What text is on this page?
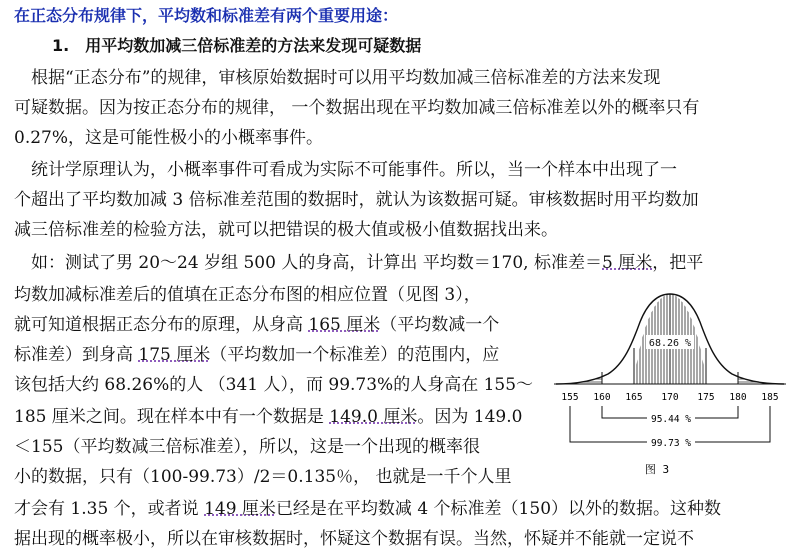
在正态分布规律下，平均数和标准差有两个重要用途：
1.　用平均数加减三倍标准差的方法来发现可疑数据
　根据“正态分布”的规律，审核原始数据时可以用平均数加减三倍标准差的方法来发现
可疑数据。因为按正态分布的规律， 一个数据出现在平均数加减三倍标准差以外的概率只有
0.27%，这是可能性极小的小概率事件。
　统计学原理认为，小概率事件可看成为实际不可能事件。所以，当一个样本中出现了一
个超出了平均数加减 3 倍标准差范围的数据时，就认为该数据可疑。审核数据时用平均数加
减三倍标准差的检验方法，就可以把错误的极大值或极小值数据找出来。
　如：测试了男 20～24 岁组 500 人的身高，计算出 平均数＝170, 标准差＝5 厘米，把平
均数加减标准差后的值填在正态分布图的相应位置（见图 3），
就可知道根据正态分布的原理，从身高 165 厘米（平均数减一个
标准差）到身高 175 厘米（平均数加一个标准差）的范围内，应
该包括大约 68.26%的人 （341 人），而 99.73%的人身高在 155～
185 厘米之间。现在样本中有一个数据是 149.0 厘米。因为 149.0
＜155（平均数减三倍标准差），所以，这是一个出现的概率很
小的数据，只有（100-99.73）/2＝0.135％， 也就是一千个人里
才会有 1.35 个，或者说 149 厘米已经是在平均数减 4 个标准差（150）以外的数据。这种数
据出现的概率极小，所以在审核数据时，怀疑这个数据有误。当然，怀疑并不能就一定说不
68.26 %
155 160 165 170 175 180 185
95.44 %
99.73 %
图 3
